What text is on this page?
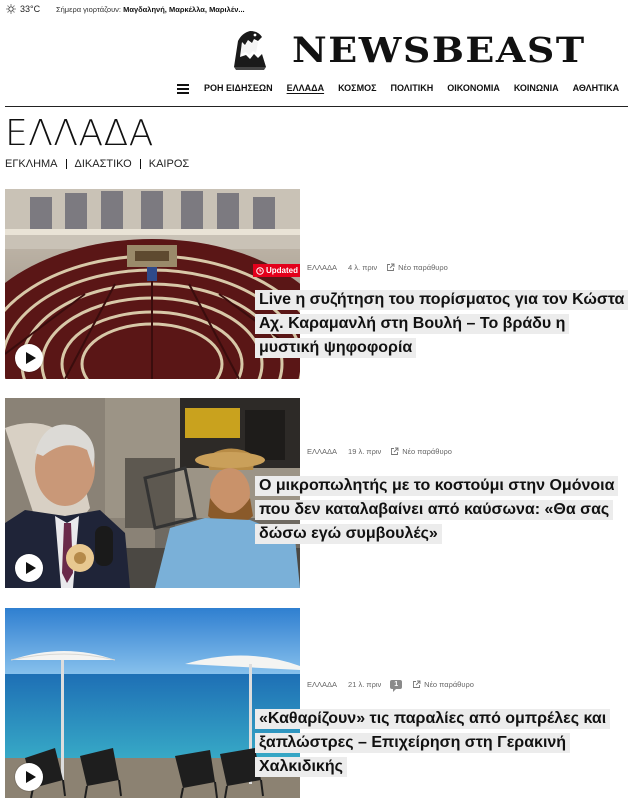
33°C Σήμερα γιορτάζουν: Μαγδαληνή, Μαρκέλλα, Μαριλέν...
NEWSBEAST
ΡΟΗ ΕΙΔΗΣΕΩΝ ΕΛΛΑΔΑ ΚΟΣΜΟΣ ΠΟΛΙΤΙΚΗ ΟΙΚΟΝΟΜΙΑ ΚΟΙΝΩΝΙΑ ΑΘΛΗΤΙΚΑ
ΕΛΛΑΔΑ
ΕΓΚΛΗΜΑ ΔΙΚΑΣΤΙΚΟ ΚΑΙΡΟΣ
Updated ΕΛΛΑΔΑ 4 λ. πριν	Νέο παράθυρο
Live η συζήτηση του πορίσματος για τον Κώστα Αχ. Καραμανλή στη Βουλή – Το βράδυ η μυστική ψηφοφορία
ΕΛΛΑΔΑ 19 λ. πριν	Νέο παράθυρο
Ο μικροπωλητής με το κοστούμι στην Ομόνοια που δεν καταλαβαίνει από καύσωνα: «Θα σας δώσω εγώ συμβουλές»
ΕΛΛΑΔΑ 21 λ. πριν	1	Νέο παράθυρο
«Καθαρίζουν» τις παραλίες από ομπρέλες και ξαπλώστρες – Επιχείρηση στη Γερακινή Χαλκιδικής
